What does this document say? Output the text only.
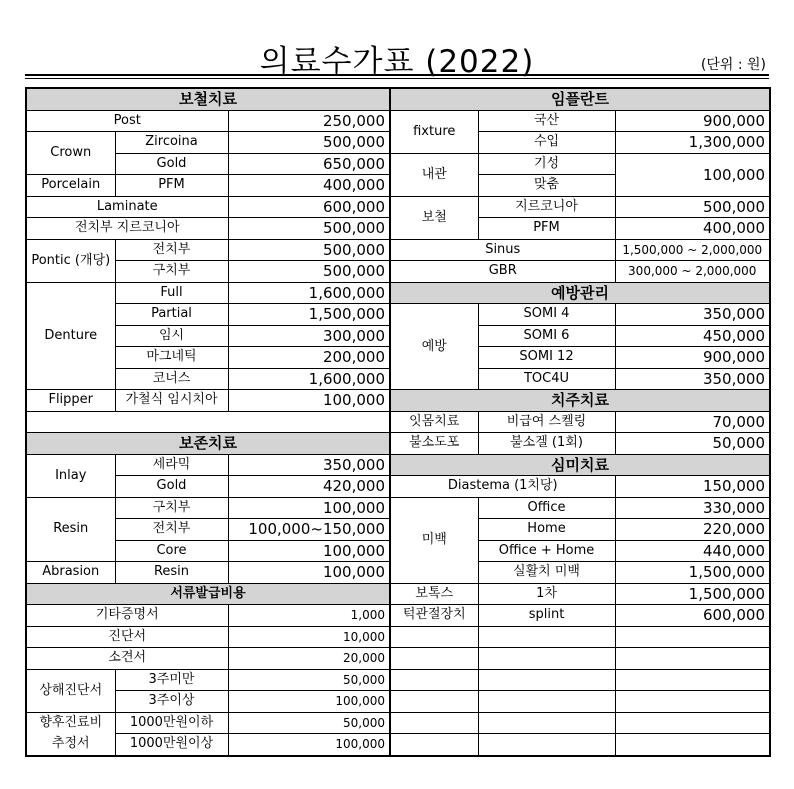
의료수가표 (2022)	(단위 : 원)
보철치료		
Post		250,000
Crown	Zircoina	500,000
	Gold	650,000
Porcelain	PFM	400,000
Laminate		600,000
전치부 지르코니아		500,000
Pontic (개당)	전치부	500,000
	구치부	500,000
Denture	Full	1,600,000
	Partial	1,500,000
	임시	300,000
	마그네틱	200,000
	코너스	1,600,000
Flipper	가철식 임시치아	100,000

보존치료		
Inlay	세라믹	350,000
	Gold	420,000
Resin	구치부	100,000
	전치부	100,000~150,000
	Core	100,000
Abrasion	Resin	100,000
서류발급비용		
기타증명서		1,000
진단서		10,000
소견서		20,000
상해진단서	3주미만	50,000
	3주이상	100,000
향후진료비	1000만원이하	50,000
추정서	1000만원이상	100,000
임플란트		
fixture	국산	900,000
	수입	1,300,000
내관	기성	100,000
	맞춤	
보철	지르코니아	500,000
	PFM	400,000
Sinus		1,500,000 ~ 2,000,000
GBR		300,000 ~ 2,000,000
예방관리		
예방	SOMI 4	350,000
	SOMI 6	450,000
	SOMI 12	900,000
	TOC4U	350,000
치주치료		
잇몸치료	비급여 스켈링	70,000
불소도포	불소겔 (1회)	50,000
심미치료		
Diastema (1치당)		150,000
미백	Office	330,000
	Home	220,000
	Office + Home	440,000
	실활치 미백	1,500,000
보톡스	1차	1,500,000
턱관절장치	splint	600,000
